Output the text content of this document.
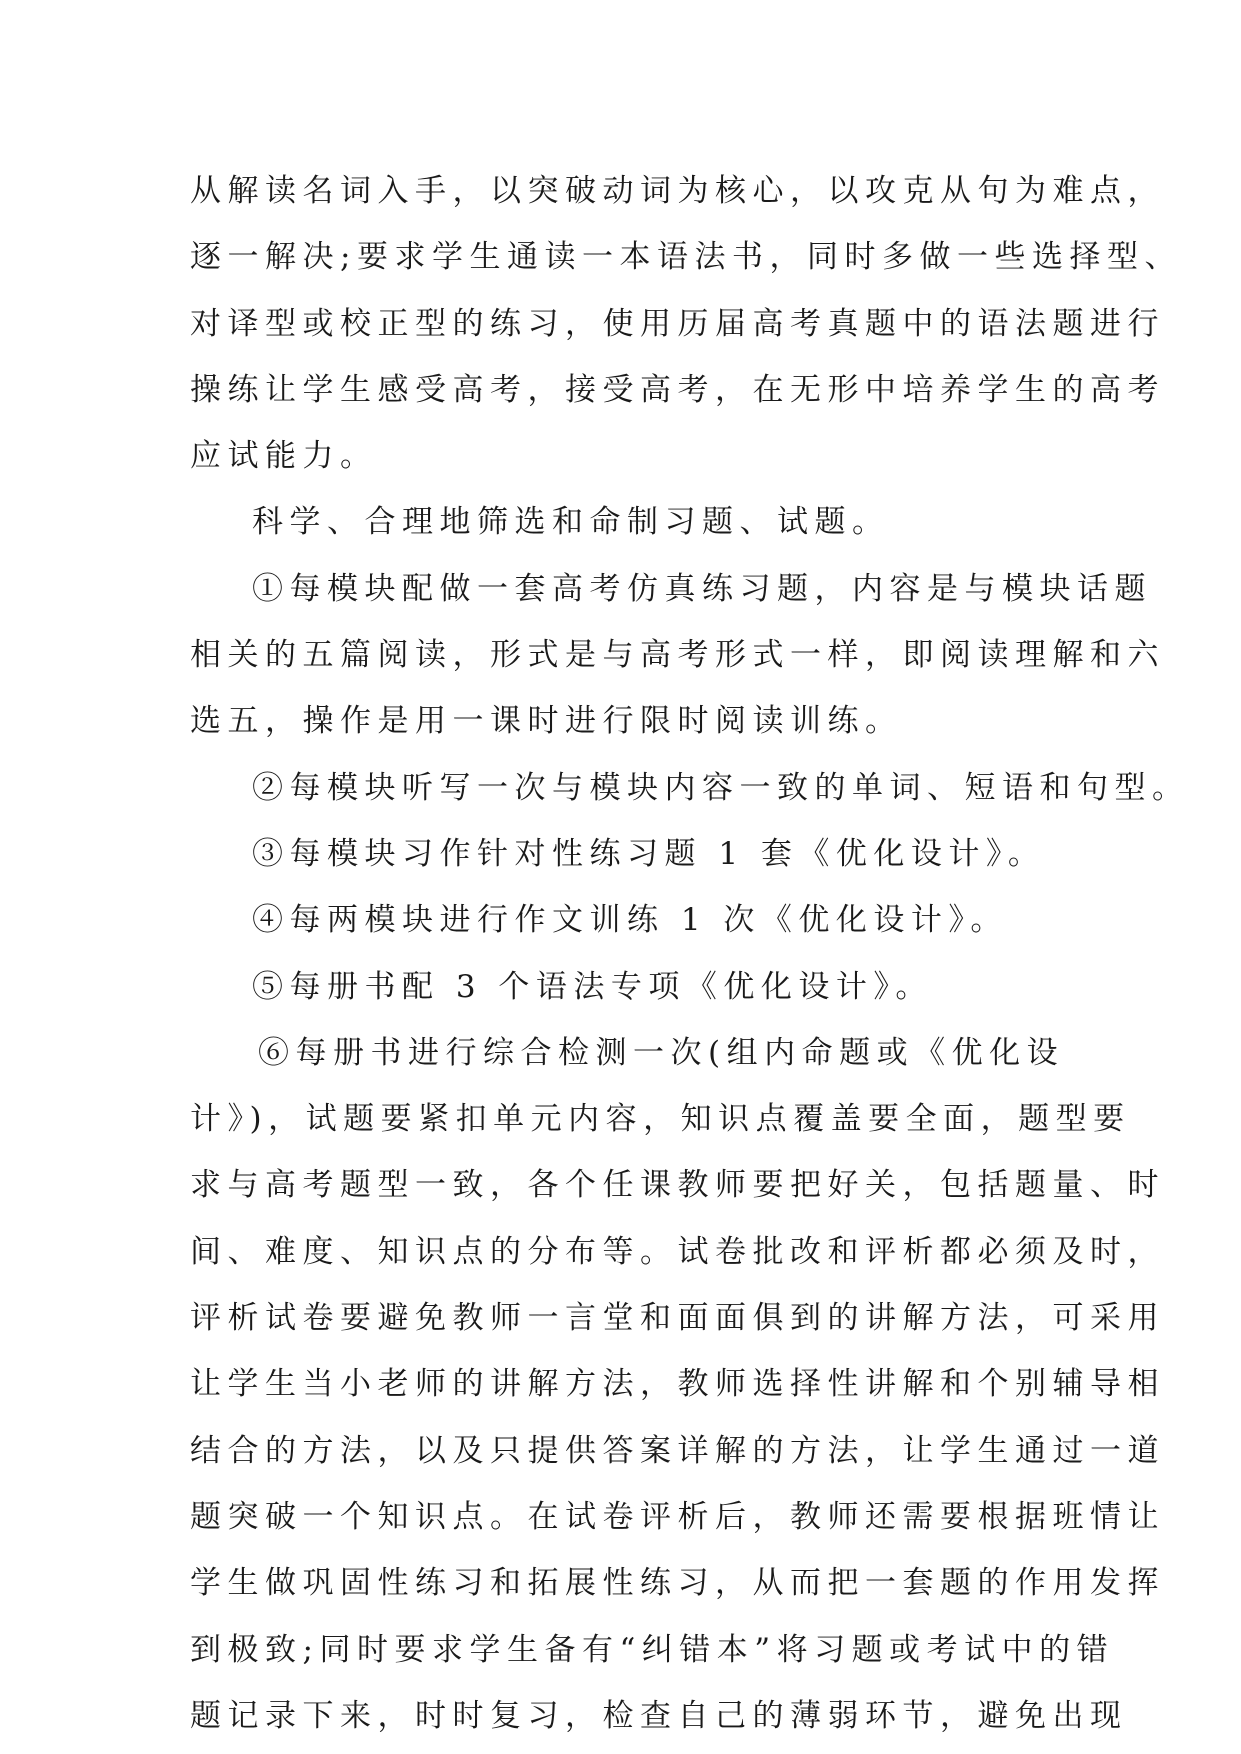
从解读名词入手，以突破动词为核心，以攻克从句为难点，
逐一解决;要求学生通读一本语法书，同时多做一些选择型、
对译型或校正型的练习，使用历届高考真题中的语法题进行
操练让学生感受高考，接受高考，在无形中培养学生的高考
应试能力。
科学、合理地筛选和命制习题、试题。
①每模块配做一套高考仿真练习题，内容是与模块话题
相关的五篇阅读，形式是与高考形式一样，即阅读理解和六
选五，操作是用一课时进行限时阅读训练。
②每模块听写一次与模块内容一致的单词、短语和句型。
③每模块习作针对性练习题 1 套《优化设计》。
④每两模块进行作文训练 1 次《优化设计》。
⑤每册书配 3 个语法专项《优化设计》。
⑥每册书进行综合检测一次(组内命题或《优化设
计》)，试题要紧扣单元内容，知识点覆盖要全面，题型要
求与高考题型一致，各个任课教师要把好关，包括题量、时
间、难度、知识点的分布等。试卷批改和评析都必须及时，
评析试卷要避免教师一言堂和面面俱到的讲解方法，可采用
让学生当小老师的讲解方法，教师选择性讲解和个别辅导相
结合的方法，以及只提供答案详解的方法，让学生通过一道
题突破一个知识点。在试卷评析后，教师还需要根据班情让
学生做巩固性练习和拓展性练习，从而把一套题的作用发挥
到极致;同时要求学生备有“纠错本”将习题或考试中的错
题记录下来，时时复习，检查自己的薄弱环节，避免出现
